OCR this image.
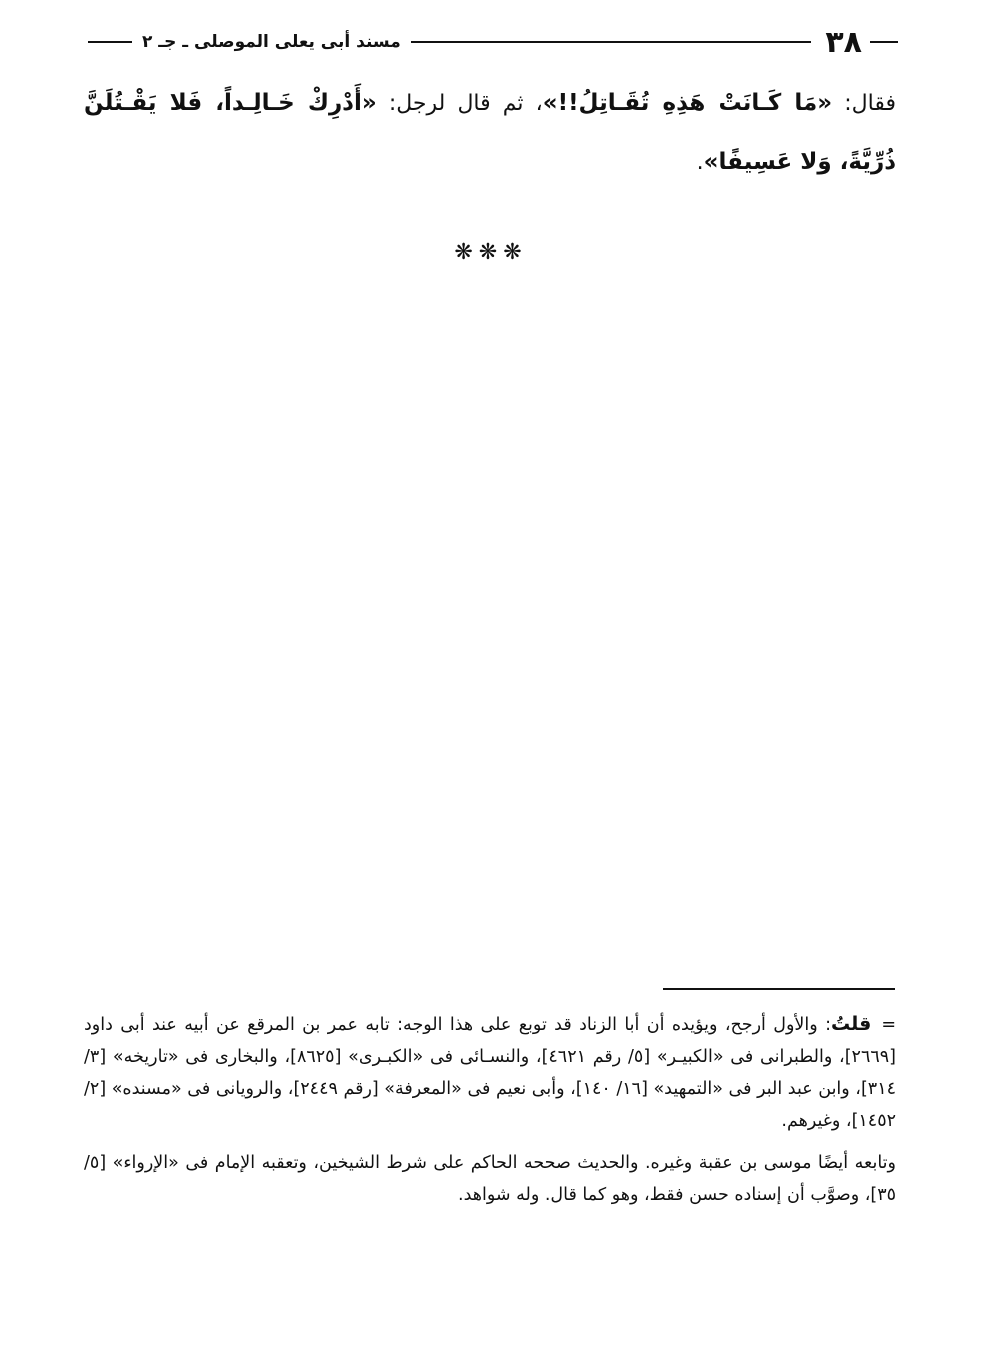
٣٨
مسند أبى يعلى الموصلى ـ جـ ٢
فقال: «مَا كَـانَتْ هَذِهِ تُقَـاتِلُ!!»، ثم قال لرجل: «أَدْرِكْ خَـالِـداً، فَلا يَقْـتُلَنَّ ذُرِّيَّةً، وَلا عَسِيفًا».
❋❋❋
=قلتُ: والأول أرجح، ويؤيده أن أبا الزناد قد توبع على هذا الوجه: تابه عمر بن المرقع عن أبيه عند أبى داود [٢٦٦٩]، والطبرانى فى «الكبيـر» [٥/ رقم ٤٦٢١]، والنسـائى فى «الكبـرى» [٨٦٢٥]، والبخارى فى «تاريخه» [٣/ ٣١٤]، وابن عبد البر فى «التمهيد» [١٦/ ١٤٠]، وأبى نعيم فى «المعرفة» [رقم ٢٤٤٩]، والرويانى فى «مسنده» [٢/ ١٤٥٢]، وغيرهم.
وتابعه أيضًا موسى بن عقبة وغيره. والحديث صححه الحاكم على شرط الشيخين، وتعقبه الإمام فى «الإرواء» [٥/ ٣٥]، وصوَّب أن إسناده حسن فقط، وهو كما قال. وله شواهد.
